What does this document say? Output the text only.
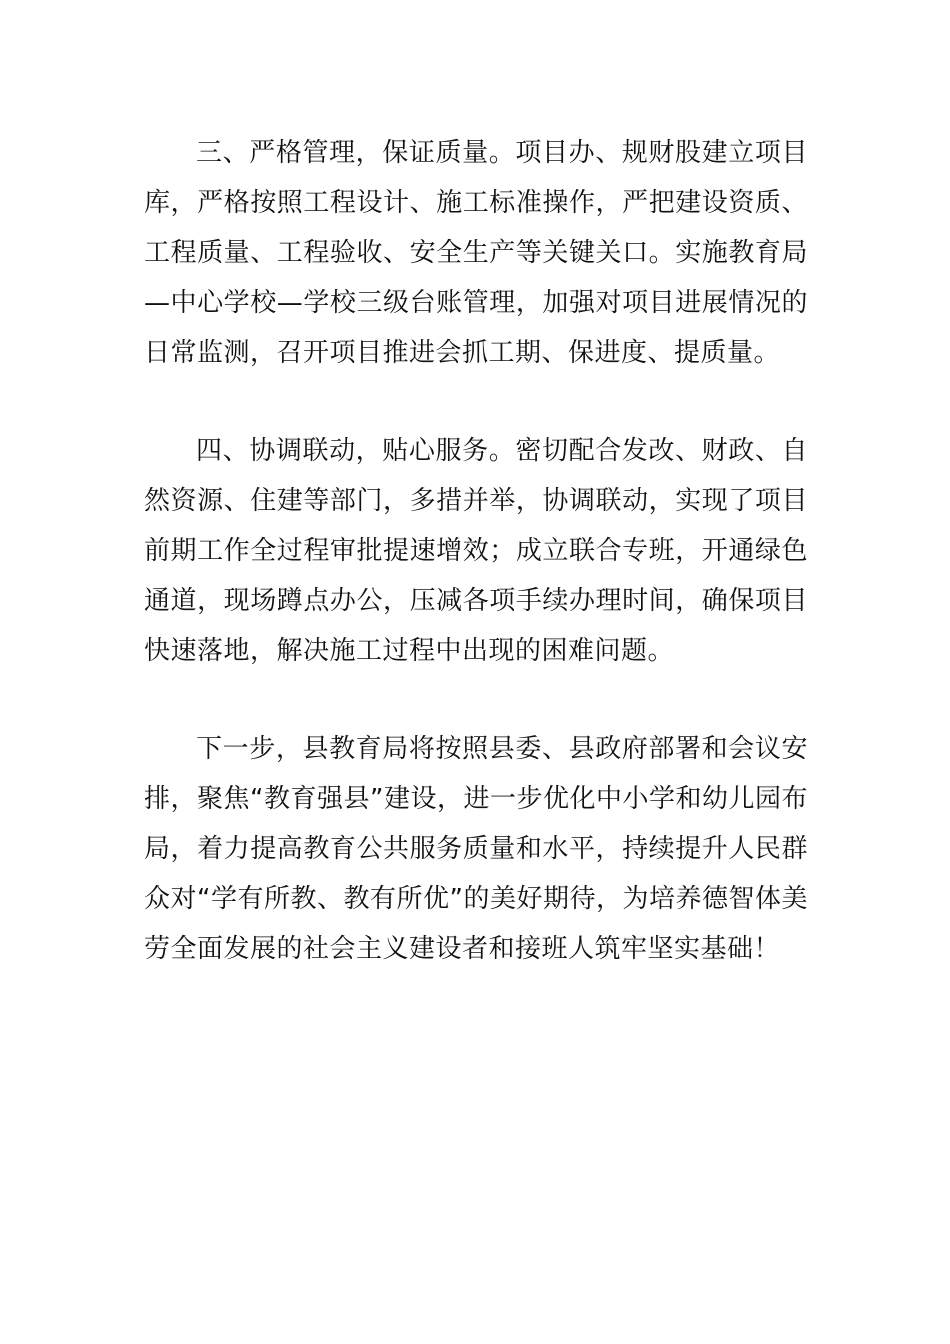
三、严格管理，保证质量。项目办、规财股建立项目库，严格按照工程设计、施工标准操作，严把建设资质、工程质量、工程验收、安全生产等关键关口。实施教育局—中心学校—学校三级台账管理，加强对项目进展情况的日常监测，召开项目推进会抓工期、保进度、提质量。

四、协调联动，贴心服务。密切配合发改、财政、自然资源、住建等部门，多措并举，协调联动，实现了项目前期工作全过程审批提速增效；成立联合专班，开通绿色通道，现场蹲点办公，压减各项手续办理时间，确保项目快速落地，解决施工过程中出现的困难问题。

下一步，县教育局将按照县委、县政府部署和会议安排，聚焦“教育强县”建设，进一步优化中小学和幼儿园布局，着力提高教育公共服务质量和水平，持续提升人民群众对“学有所教、教有所优”的美好期待，为培养德智体美劳全面发展的社会主义建设者和接班人筑牢坚实基础！
